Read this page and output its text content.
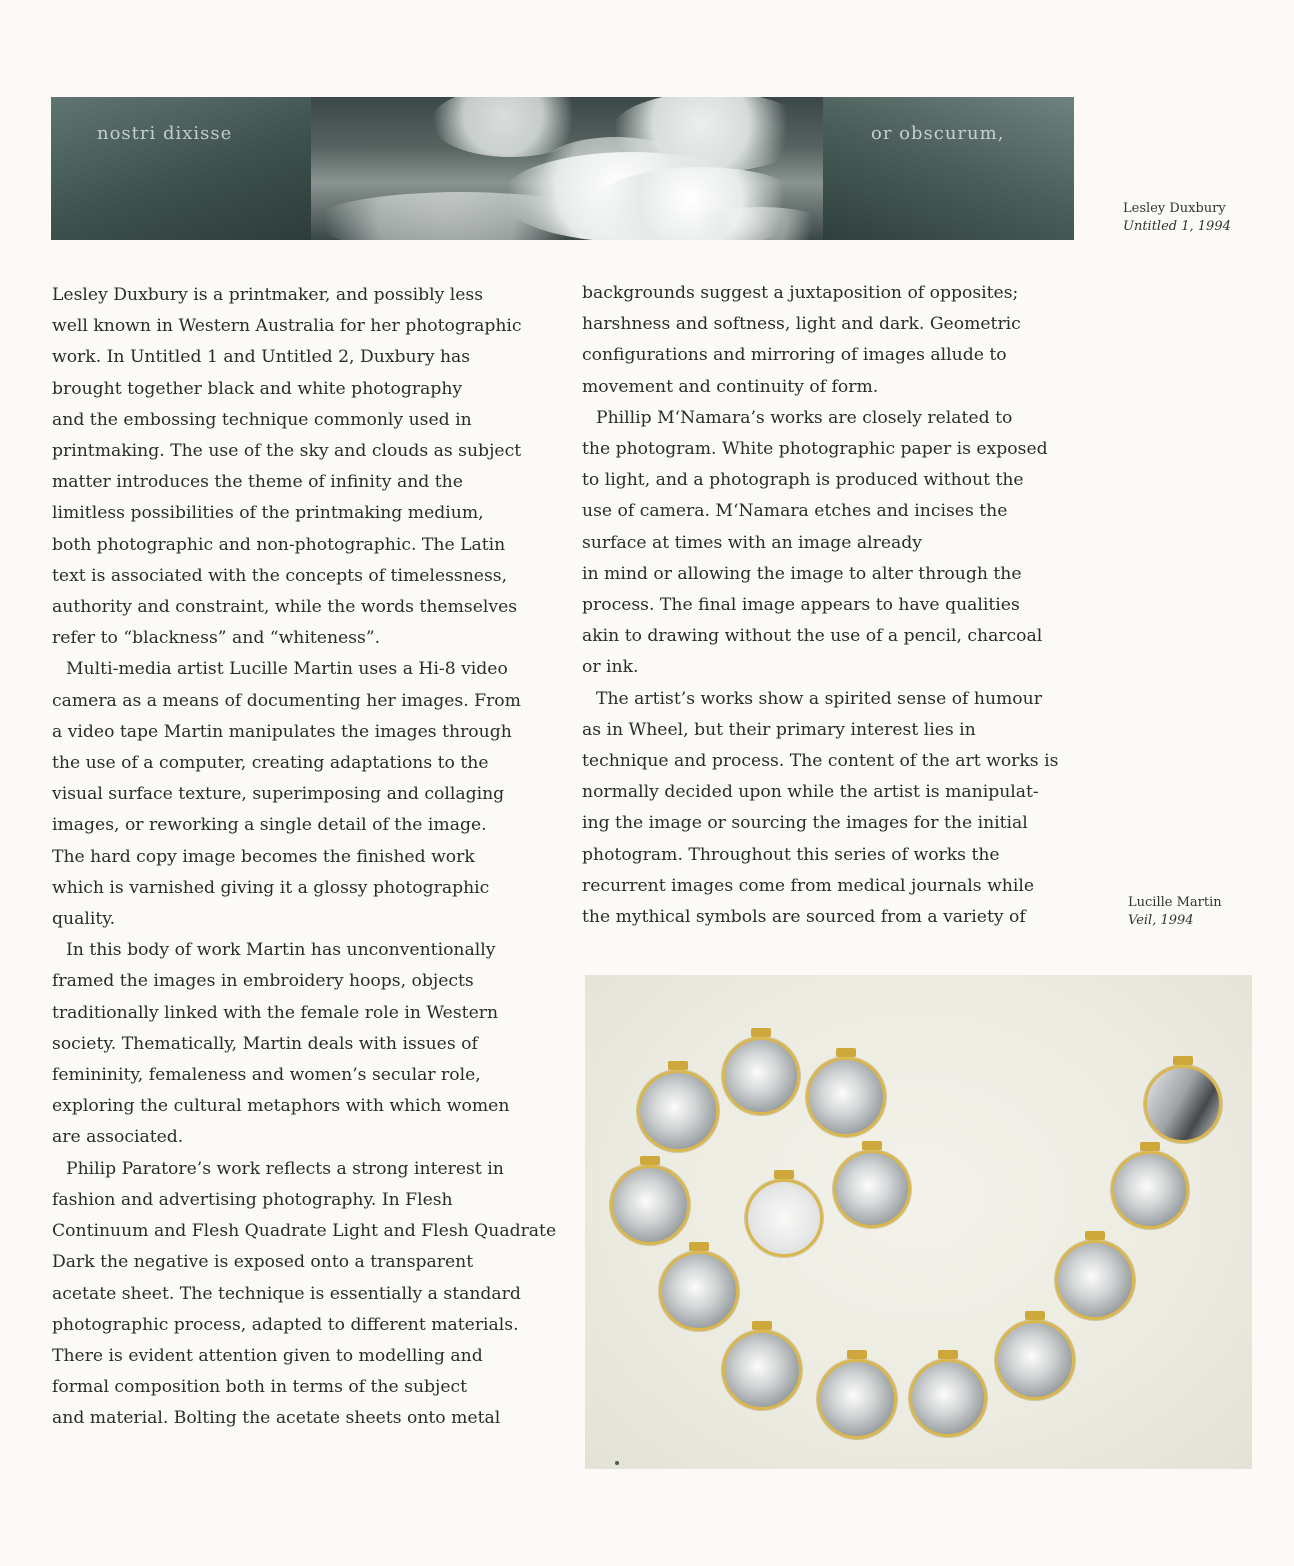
nostri dixisse	or obscurum,
Lesley Duxbury
Untitled 1, 1994
Lesley Duxbury is a printmaker, and possibly less
well known in Western Australia for her photographic
work. In Untitled 1 and Untitled 2, Duxbury has
brought together black and white photography
and the embossing technique commonly used in
printmaking. The use of the sky and clouds as subject
matter introduces the theme of infinity and the
limitless possibilities of the printmaking medium,
both photographic and non-photographic. The Latin
text is associated with the concepts of timelessness,
authority and constraint, while the words themselves
refer to “blackness” and “whiteness”.
Multi-media artist Lucille Martin uses a Hi-8 video
camera as a means of documenting her images. From
a video tape Martin manipulates the images through
the use of a computer, creating adaptations to the
visual surface texture, superimposing and collaging
images, or reworking a single detail of the image.
The hard copy image becomes the finished work
which is varnished giving it a glossy photographic
quality.
In this body of work Martin has unconventionally
framed the images in embroidery hoops, objects
traditionally linked with the female role in Western
society. Thematically, Martin deals with issues of
femininity, femaleness and women’s secular role,
exploring the cultural metaphors with which women
are associated.
Philip Paratore’s work reflects a strong interest in
fashion and advertising photography. In Flesh
Continuum and Flesh Quadrate Light and Flesh Quadrate
Dark the negative is exposed onto a transparent
acetate sheet. The technique is essentially a standard
photographic process, adapted to different materials.
There is evident attention given to modelling and
formal composition both in terms of the subject
and material. Bolting the acetate sheets onto metal
backgrounds suggest a juxtaposition of opposites;
harshness and softness, light and dark. Geometric
configurations and mirroring of images allude to
movement and continuity of form.
Phillip M‘Namara’s works are closely related to
the photogram. White photographic paper is exposed
to light, and a photograph is produced without the
use of camera. M‘Namara etches and incises the
surface at times with an image already
in mind or allowing the image to alter through the
process. The final image appears to have qualities
akin to drawing without the use of a pencil, charcoal
or ink.
The artist’s works show a spirited sense of humour
as in Wheel, but their primary interest lies in
technique and process. The content of the art works is
normally decided upon while the artist is manipulat-
ing the image or sourcing the images for the initial
photogram. Throughout this series of works the
recurrent images come from medical journals while
the mythical symbols are sourced from a variety of
Lucille Martin
Veil, 1994
